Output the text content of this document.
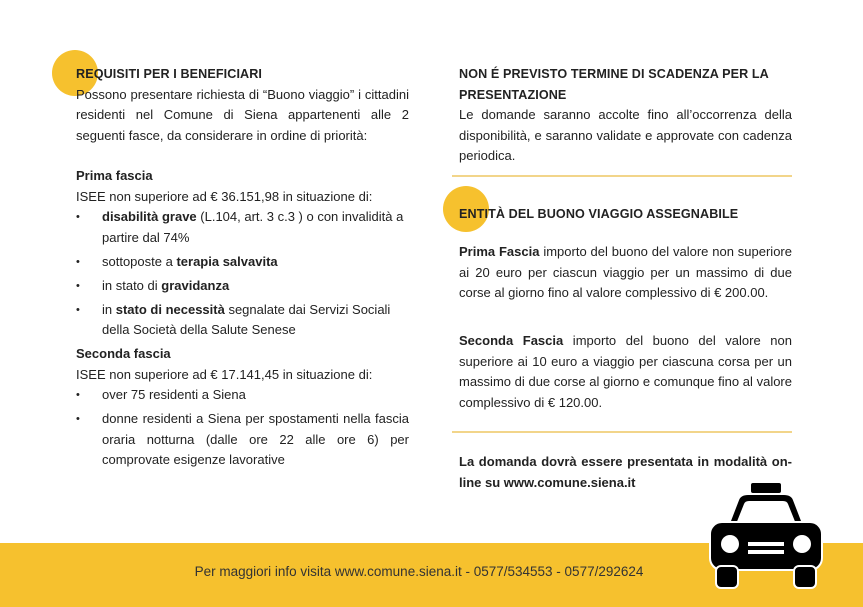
REQUISITI PER I BENEFICIARI

Possono presentare richiesta di “Buono viaggio” i cittadini residenti nel Comune di Siena appartenenti alle 2 seguenti fasce, da considerare in ordine di priorità:

Prima fascia
ISEE non superiore ad € 36.151,98 in situazione di:
• disabilità grave (L.104, art. 3 c.3 ) o con invalidità a partire dal 74%
• sottoposte a terapia salvavita
• in stato di gravidanza
• in stato di necessità segnalate dai Servizi Sociali della Società della Salute Senese
Seconda fascia
ISEE non superiore ad € 17.141,45 in situazione di:
• over 75 residenti a Siena
• donne residenti a Siena per spostamenti nella fascia oraria notturna (dalle ore 22 alle ore 6) per comprovate esigenze lavorative
NON É PREVISTO TERMINE DI SCADENZA PER LA PRESENTAZIONE

Le domande saranno accolte fino all’occorrenza della disponibilità, e saranno validate e approvate con cadenza periodica.

ENTITÀ DEL BUONO VIAGGIO ASSEGNABILE
Prima Fascia importo del buono del valore non superiore ai 20 euro per ciascun viaggio per un massimo di due corse al giorno fino al valore complessivo di € 200.00.
Seconda Fascia importo del buono del valore non superiore ai 10 euro a viaggio per ciascuna corsa per un massimo di due corse al giorno e comunque fino al valore complessivo di € 120.00.
La domanda dovrà essere presentata in modalità on-line su www.comune.siena.it
Per maggiori info visita www.comune.siena.it - 0577/534553 - 0577/292624
